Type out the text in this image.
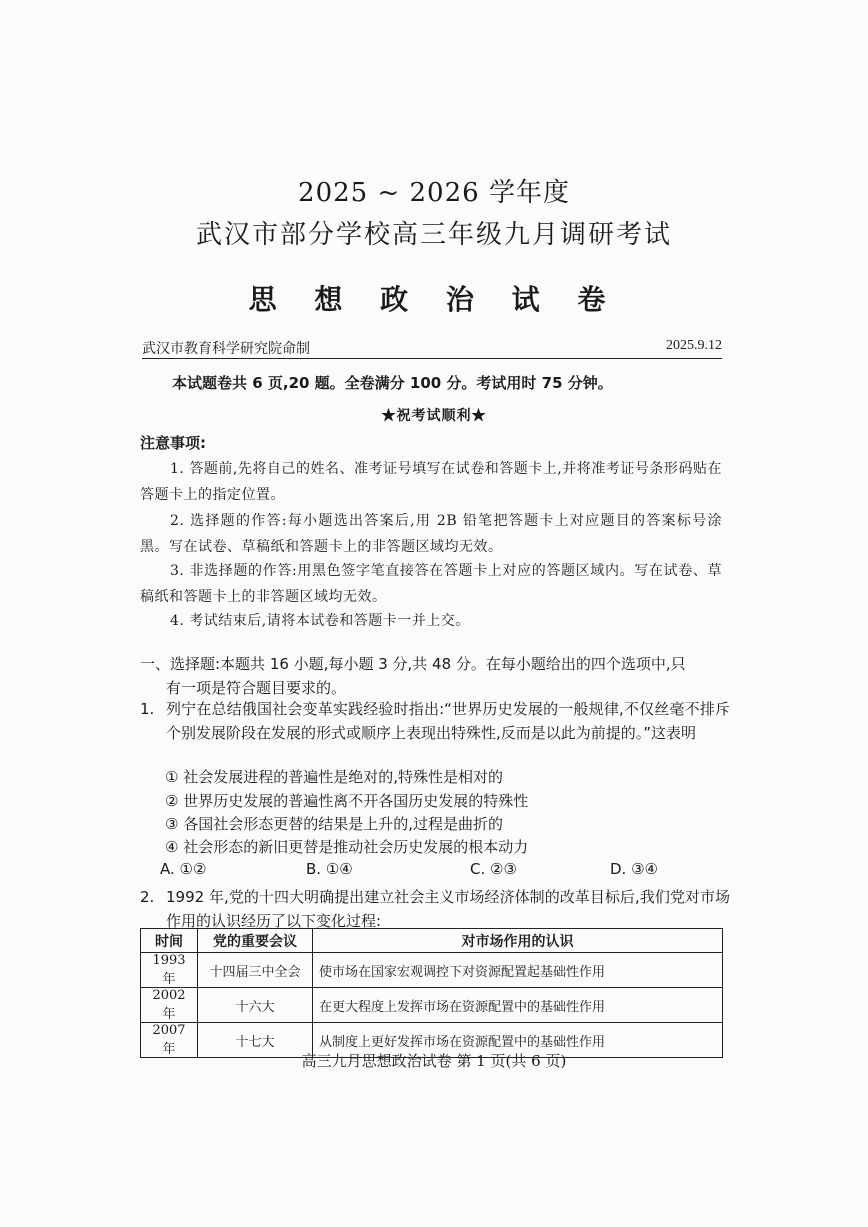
2025 ~ 2026 学年度
武汉市部分学校高三年级九月调研考试
思 想 政 治 试 卷
武汉市教育科学研究院命制	2025.9.12
本试题卷共 6 页,20 题。全卷满分 100 分。考试用时 75 分钟。
★祝考试顺利★
注意事项:
1. 答题前,先将自己的姓名、准考证号填写在试卷和答题卡上,并将准考证号条形码贴在答题卡上的指定位置。
2. 选择题的作答:每小题选出答案后,用 2B 铅笔把答题卡上对应题目的答案标号涂黑。写在试卷、草稿纸和答题卡上的非答题区域均无效。
3. 非选择题的作答:用黑色签字笔直接答在答题卡上对应的答题区域内。写在试卷、草稿纸和答题卡上的非答题区域均无效。
4. 考试结束后,请将本试卷和答题卡一并上交。
一、选择题:本题共 16 小题,每小题 3 分,共 48 分。在每小题给出的四个选项中,只
有一项是符合题目要求的。
1. 列宁在总结俄国社会变革实践经验时指出:“世界历史发展的一般规律,不仅丝毫不排斥个别发展阶段在发展的形式或顺序上表现出特殊性,反而是以此为前提的。”这表明
① 社会发展进程的普遍性是绝对的,特殊性是相对的
② 世界历史发展的普遍性离不开各国历史发展的特殊性
③ 各国社会形态更替的结果是上升的,过程是曲折的
④ 社会形态的新旧更替是推动社会历史发展的根本动力
A. ①②	B. ①④	C. ②③	D. ③④
2. 1992 年,党的十四大明确提出建立社会主义市场经济体制的改革目标后,我们党对市场作用的认识经历了以下变化过程:
时间	党的重要会议	对市场作用的认识
1993 年	十四届三中全会	使市场在国家宏观调控下对资源配置起基础性作用
2002 年	十六大	在更大程度上发挥市场在资源配置中的基础性作用
2007 年	十七大	从制度上更好发挥市场在资源配置中的基础性作用
高三九月思想政治试卷 第 1 页(共 6 页)
